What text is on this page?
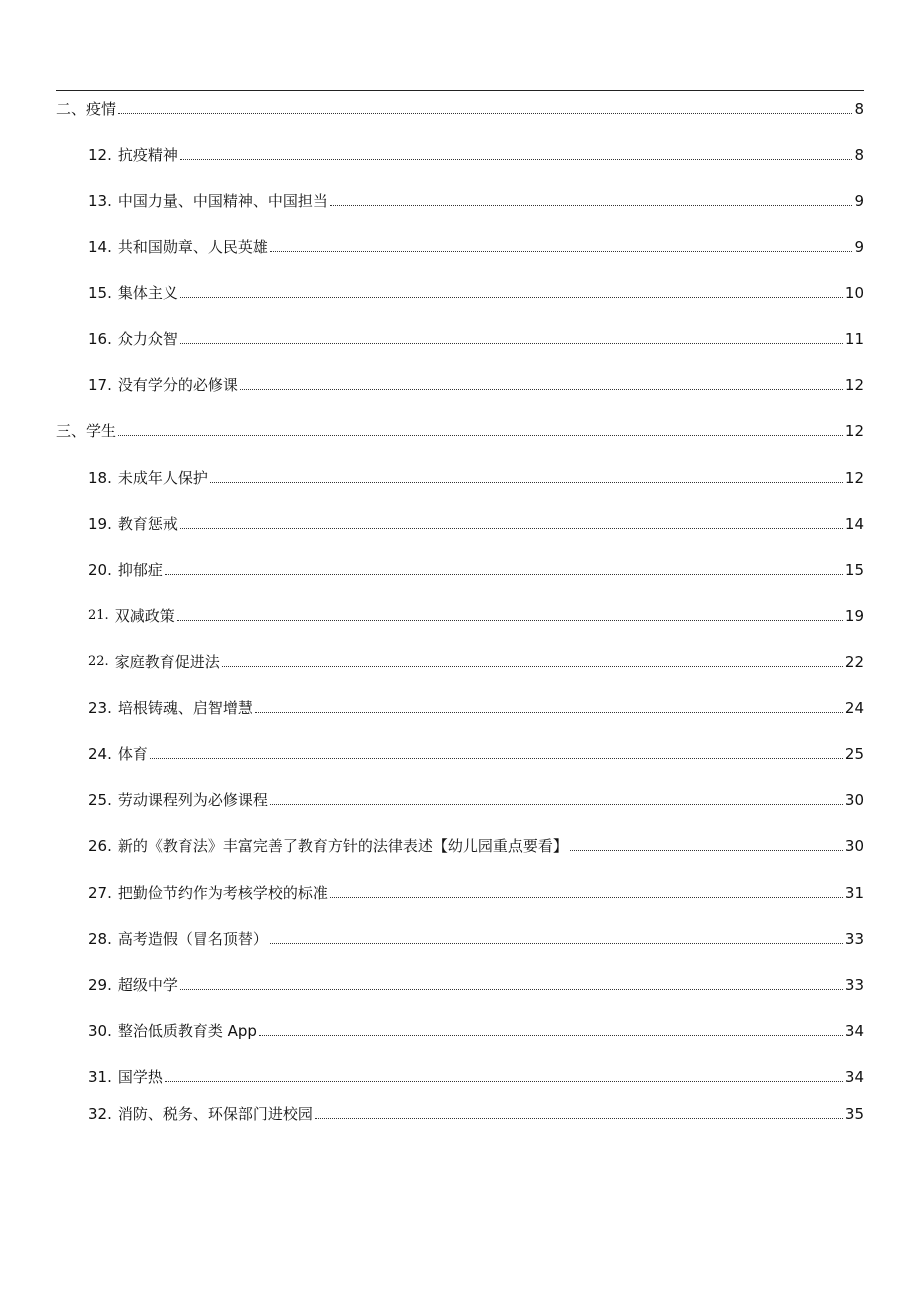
二、疫情	8
12. 抗疫精神	8
13. 中国力量、中国精神、中国担当	9
14. 共和国勋章、人民英雄	9
15. 集体主义	10
16. 众力众智	11
17. 没有学分的必修课	12
三、学生	12
18. 未成年人保护	12
19. 教育惩戒	14
20. 抑郁症	15
21. 双减政策	19
22. 家庭教育促进法	22
23. 培根铸魂、启智增慧	24
24. 体育	25
25. 劳动课程列为必修课程	30
26. 新的《教育法》丰富完善了教育方针的法律表述【幼儿园重点要看】	30
27. 把勤俭节约作为考核学校的标准	31
28. 高考造假（冒名顶替）	33
29. 超级中学	33
30. 整治低质教育类 App	34
31. 国学热	34
32. 消防、税务、环保部门进校园	35
